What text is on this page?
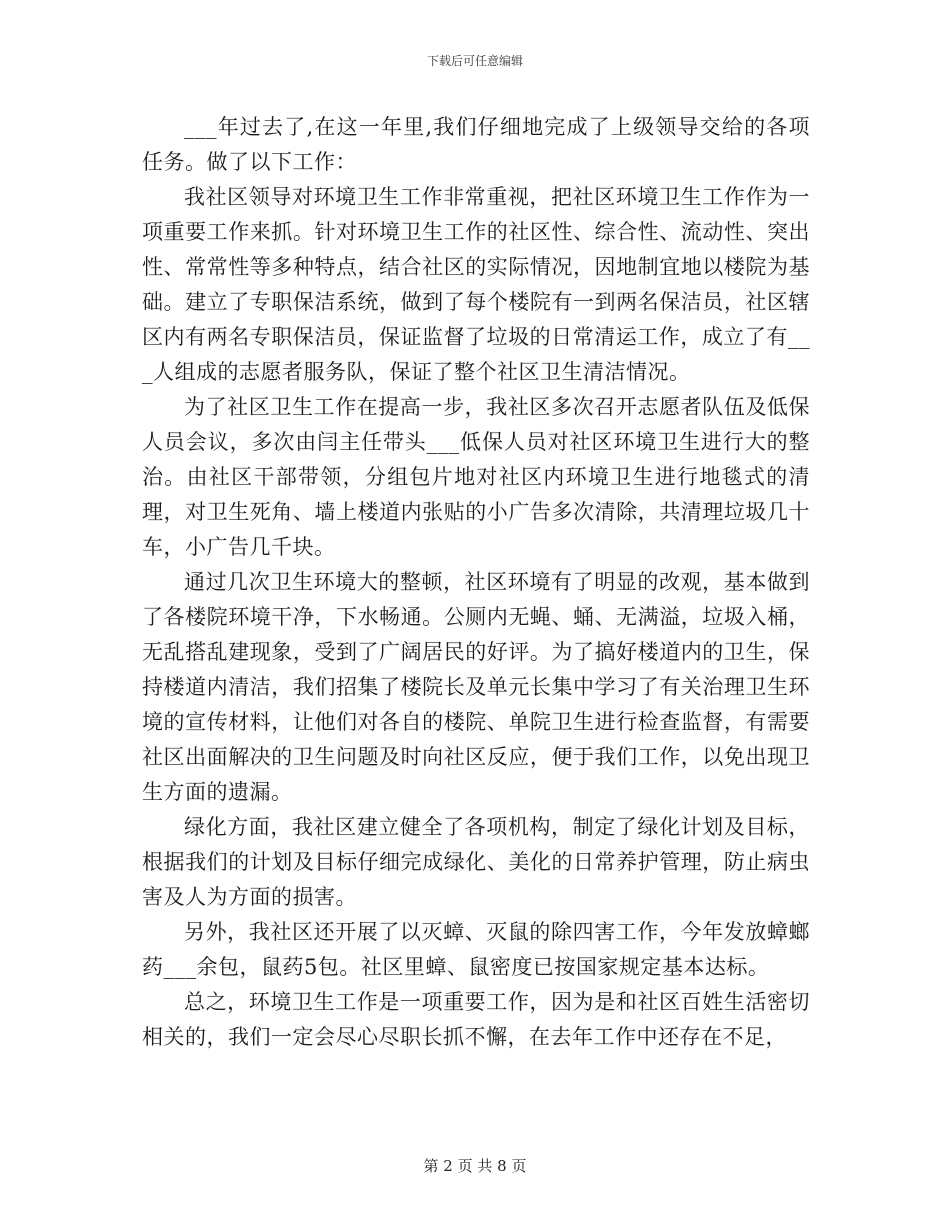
下载后可任意编辑

___年过去了,在这一年里,我们仔细地完成了上级领导交给的各项任务。做了以下工作：

我社区领导对环境卫生工作非常重视，把社区环境卫生工作作为一项重要工作来抓。针对环境卫生工作的社区性、综合性、流动性、突出性、常常性等多种特点，结合社区的实际情况，因地制宜地以楼院为基础。建立了专职保洁系统，做到了每个楼院有一到两名保洁员，社区辖区内有两名专职保洁员，保证监督了垃圾的日常清运工作，成立了有___人组成的志愿者服务队，保证了整个社区卫生清洁情况。

为了社区卫生工作在提高一步，我社区多次召开志愿者队伍及低保人员会议，多次由闫主任带头___低保人员对社区环境卫生进行大的整治。由社区干部带领，分组包片地对社区内环境卫生进行地毯式的清理，对卫生死角、墙上楼道内张贴的小广告多次清除，共清理垃圾几十车，小广告几千块。

通过几次卫生环境大的整顿，社区环境有了明显的改观，基本做到了各楼院环境干净，下水畅通。公厕内无蝇、蛹、无满溢，垃圾入桶，无乱搭乱建现象，受到了广阔居民的好评。为了搞好楼道内的卫生，保持楼道内清洁，我们招集了楼院长及单元长集中学习了有关治理卫生环境的宣传材料，让他们对各自的楼院、单院卫生进行检查监督，有需要社区出面解决的卫生问题及时向社区反应，便于我们工作，以免出现卫生方面的遗漏。

绿化方面，我社区建立健全了各项机构，制定了绿化计划及目标，根据我们的计划及目标仔细完成绿化、美化的日常养护管理，防止病虫害及人为方面的损害。

另外，我社区还开展了以灭蟑、灭鼠的除四害工作，今年发放蟑螂药___余包，鼠药5包。社区里蟑、鼠密度已按国家规定基本达标。

总之，环境卫生工作是一项重要工作，因为是和社区百姓生活密切相关的，我们一定会尽心尽职长抓不懈，在去年工作中还存在不足，

第 2 页 共 8 页
